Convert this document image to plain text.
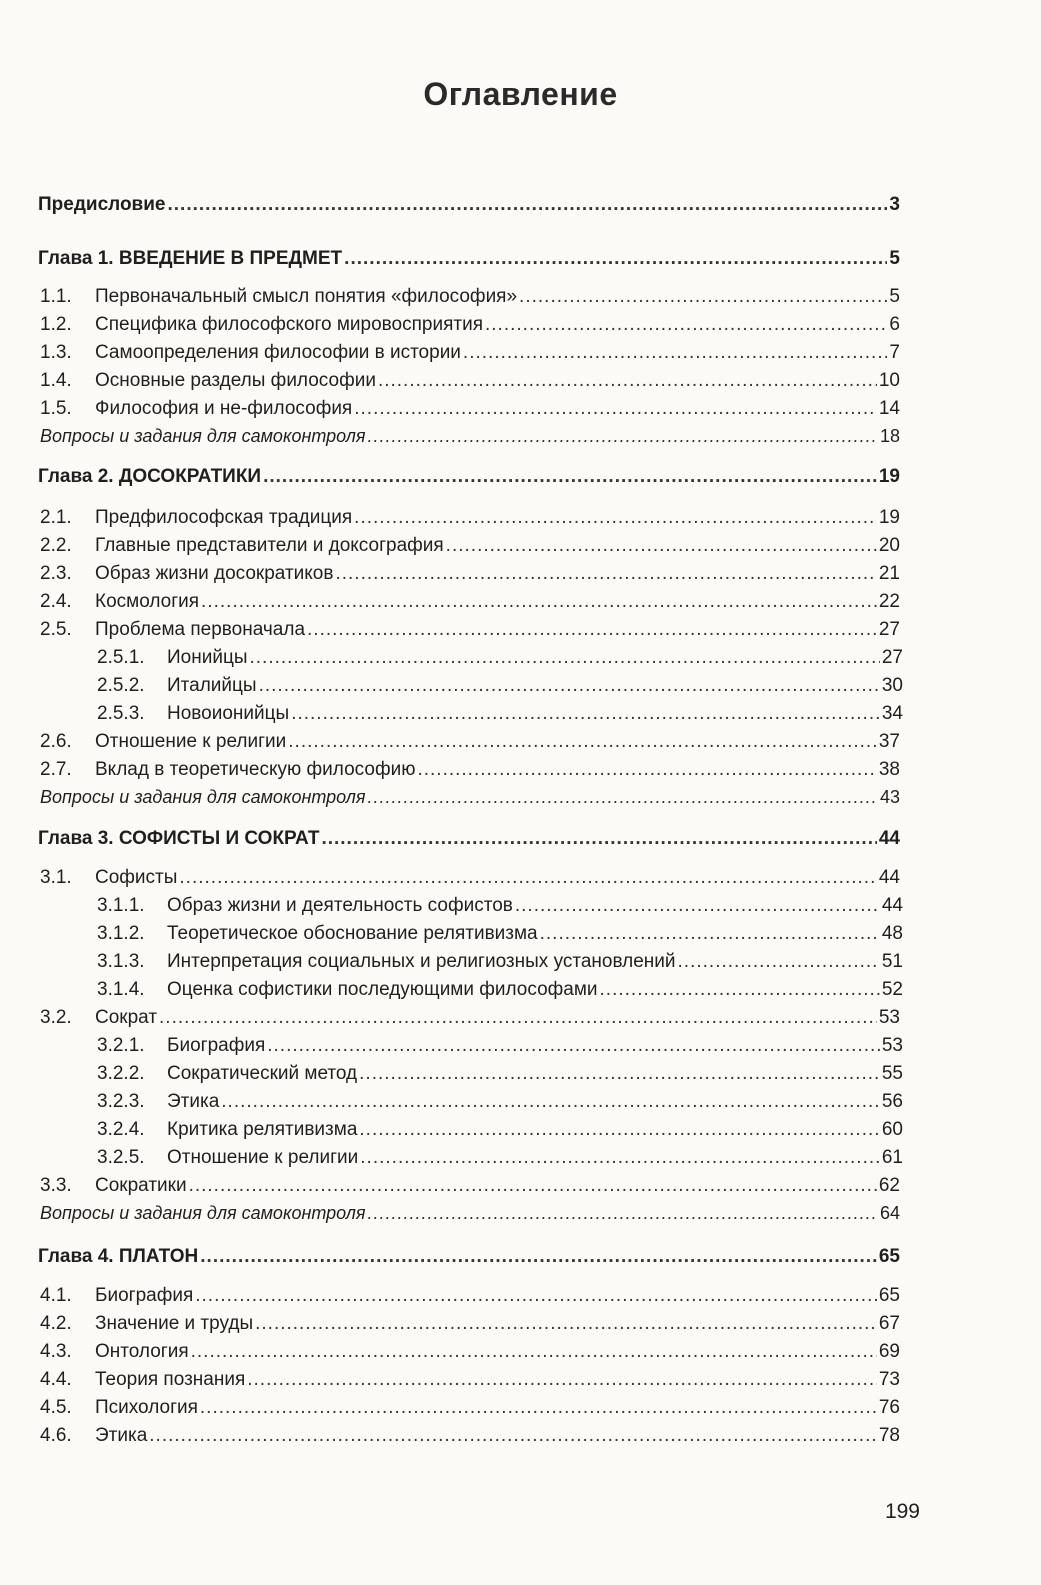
Оглавление
Предисловие .....	3
Глава 1. ВВЕДЕНИЕ В ПРЕДМЕТ .....	5
1.1.	Первоначальный смысл понятия «философия» .....	5
1.2.	Специфика философского мировосприятия .....	6
1.3.	Самоопределения философии в истории .....	7
1.4.	Основные разделы философии .....	10
1.5.	Философия и не-философия .....	14
Вопросы и задания для самоконтроля .....	18
Глава 2. ДОСОКРАТИКИ .....	19
2.1.	Предфилософская традиция .....	19
2.2.	Главные представители и доксография .....	20
2.3.	Образ жизни досократиков .....	21
2.4.	Космология .....	22
2.5.	Проблема первоначала .....	27
2.5.1.	Ионийцы .....	27
2.5.2.	Италийцы .....	30
2.5.3.	Новоионийцы .....	34
2.6.	Отношение к религии .....	37
2.7.	Вклад в теоретическую философию .....	38
Вопросы и задания для самоконтроля .....	43
Глава 3. СОФИСТЫ И СОКРАТ .....	44
3.1.	Софисты .....	44
3.1.1.	Образ жизни и деятельность софистов .....	44
3.1.2.	Теоретическое обоснование релятивизма .....	48
3.1.3.	Интерпретация социальных и религиозных установлений .....	51
3.1.4.	Оценка софистики последующими философами .....	52
3.2.	Сократ .....	53
3.2.1.	Биография .....	53
3.2.2.	Сократический метод .....	55
3.2.3.	Этика .....	56
3.2.4.	Критика релятивизма .....	60
3.2.5.	Отношение к религии .....	61
3.3.	Сократики .....	62
Вопросы и задания для самоконтроля .....	64
Глава 4. ПЛАТОН .....	65
4.1.	Биография .....	65
4.2.	Значение и труды .....	67
4.3.	Онтология .....	69
4.4.	Теория познания .....	73
4.5.	Психология .....	76
4.6.	Этика .....	78
199
